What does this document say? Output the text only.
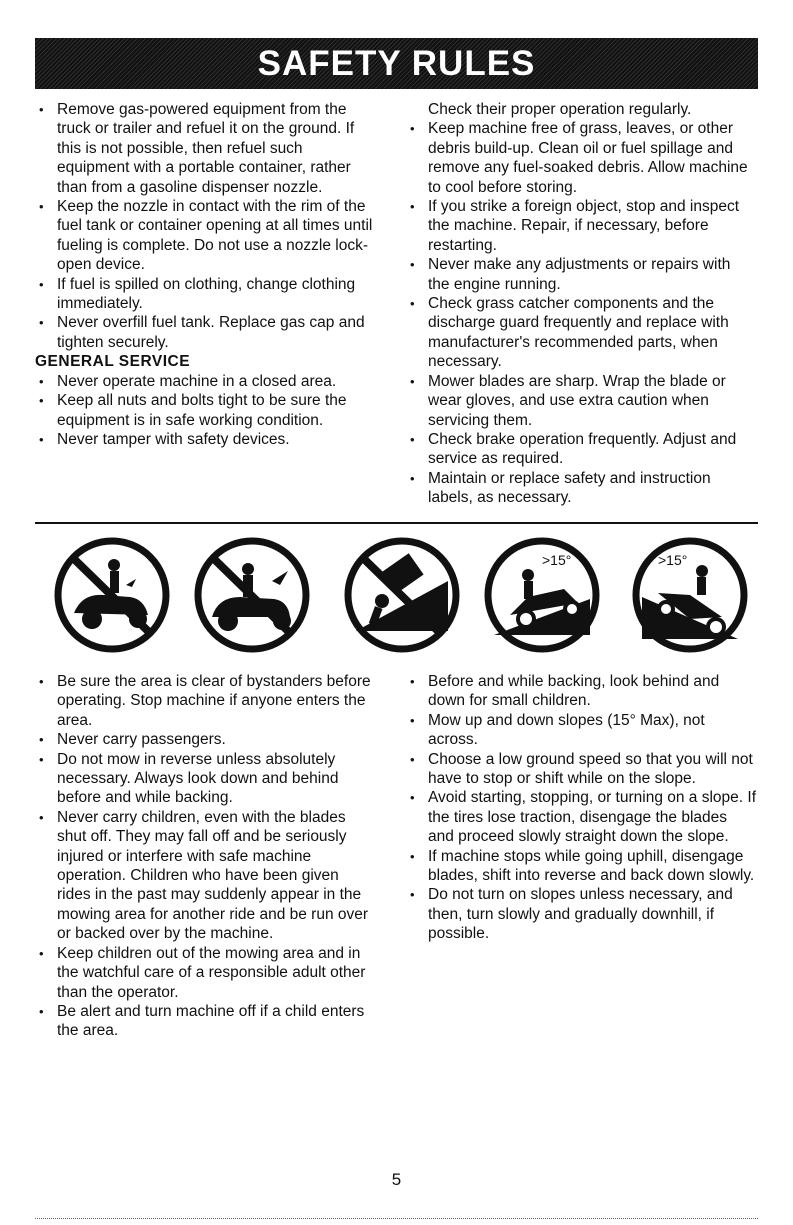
SAFETY RULES
• Remove gas-powered equipment from the truck or trailer and refuel it on the ground. If this is not possible, then refuel such equipment with a portable container, rather than from a gasoline dispenser nozzle.
• Keep the nozzle in contact with the rim of the fuel tank or container opening at all times until fueling is complete. Do not use a nozzle lock-open device.
• If fuel is spilled on clothing, change clothing immediately.
• Never overfill fuel tank. Replace gas cap and tighten securely.
GENERAL SERVICE
• Never operate machine in a closed area.
• Keep all nuts and bolts tight to be sure the equipment is in safe working condition.
• Never tamper with safety devices.
Check their proper operation regularly.
• Keep machine free of grass, leaves, or other debris build-up. Clean oil or fuel spillage and remove any fuel-soaked debris. Allow machine to cool before storing.
• If you strike a foreign object, stop and inspect the machine. Repair, if necessary, before restarting.
• Never make any adjustments or repairs with the engine running.
• Check grass catcher components and the discharge guard frequently and replace with manufacturer's recommended parts, when necessary.
• Mower blades are sharp. Wrap the blade or wear gloves, and use extra caution when servicing them.
• Check brake operation frequently. Adjust and service as required.
• Maintain or replace safety and instruction labels, as necessary.
>15°	>15°
• Be sure the area is clear of bystanders before operating. Stop machine if anyone enters the area.
• Never carry passengers.
• Do not mow in reverse unless absolutely necessary. Always look down and behind before and while backing.
• Never carry children, even with the blades shut off. They may fall off and be seriously injured or interfere with safe machine operation. Children who have been given rides in the past may suddenly appear in the mowing area for another ride and be run over or backed over by the machine.
• Keep children out of the mowing area and in the watchful care of a responsible adult other than the operator.
• Be alert and turn machine off if a child enters the area.
• Before and while backing, look behind and down for small children.
• Mow up and down slopes (15° Max), not across.
• Choose a low ground speed so that you will not have to stop or shift while on the slope.
• Avoid starting, stopping, or turning on a slope. If the tires lose traction, disengage the blades and proceed slowly straight down the slope.
• If machine stops while going uphill, disengage blades, shift into reverse and back down slowly.
• Do not turn on slopes unless necessary, and then, turn slowly and gradually downhill, if possible.
5
